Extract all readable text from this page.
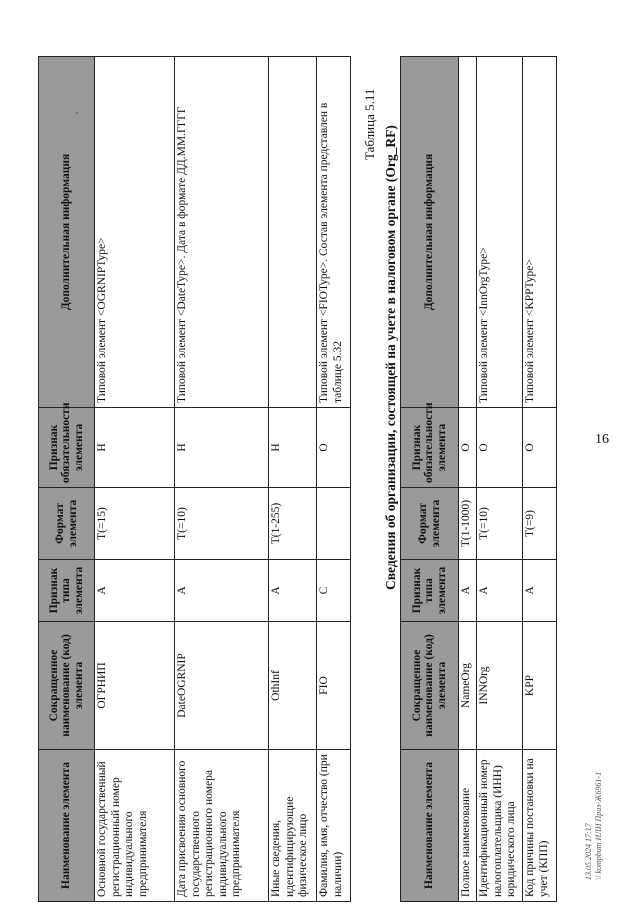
16
Наименование элемента	Сокращенное наименование (код) элемента	Признак типа элемента	Формат элемента	Признак обязательности элемента	Дополнительная информация
Основной государственный регистрационный номер индивидуального предпринимателя	ОГРНИП	А	Т(=15)	Н	Типовой элемент <OGRNIPType>
Дата присвоения основного государственного регистрационного номера индивидуального предпринимателя	DateOGRNIP	А	Т(=10)	Н	Типовой элемент <DateType>. Дата в формате ДД.ММ.ГГГГ
Иные сведения, идентифицирующие физическое лицо	OthInf	А	Т(1-255)	Н	
Фамилия, имя, отчество (при наличии)	FIO	С		О	Типовой элемент <FIOType>. Состав элемента представлен в таблице 5.32
Таблица 5.11
Сведения об организации, состоящей на учете в налоговом органе (Org_RF)
Наименование элемента	Сокращенное наименование (код) элемента	Признак типа элемента	Формат элемента	Признак обязательности элемента	Дополнительная информация
Полное наименование	NameOrg	А	Т(1-1000)	О	
Идентификационный номер налогоплательщика (ИНН) юридического лица	INNOrg	А	Т(=10)	О	Типовой элемент <InnOrgType>
Код причины постановки на учет (КПП)	KPP	А	Т(=9)	О	Типовой элемент <KPPType>
13.05.2024 17:17 \\ kompbum ИЛИ Приз-Ж6961-1
